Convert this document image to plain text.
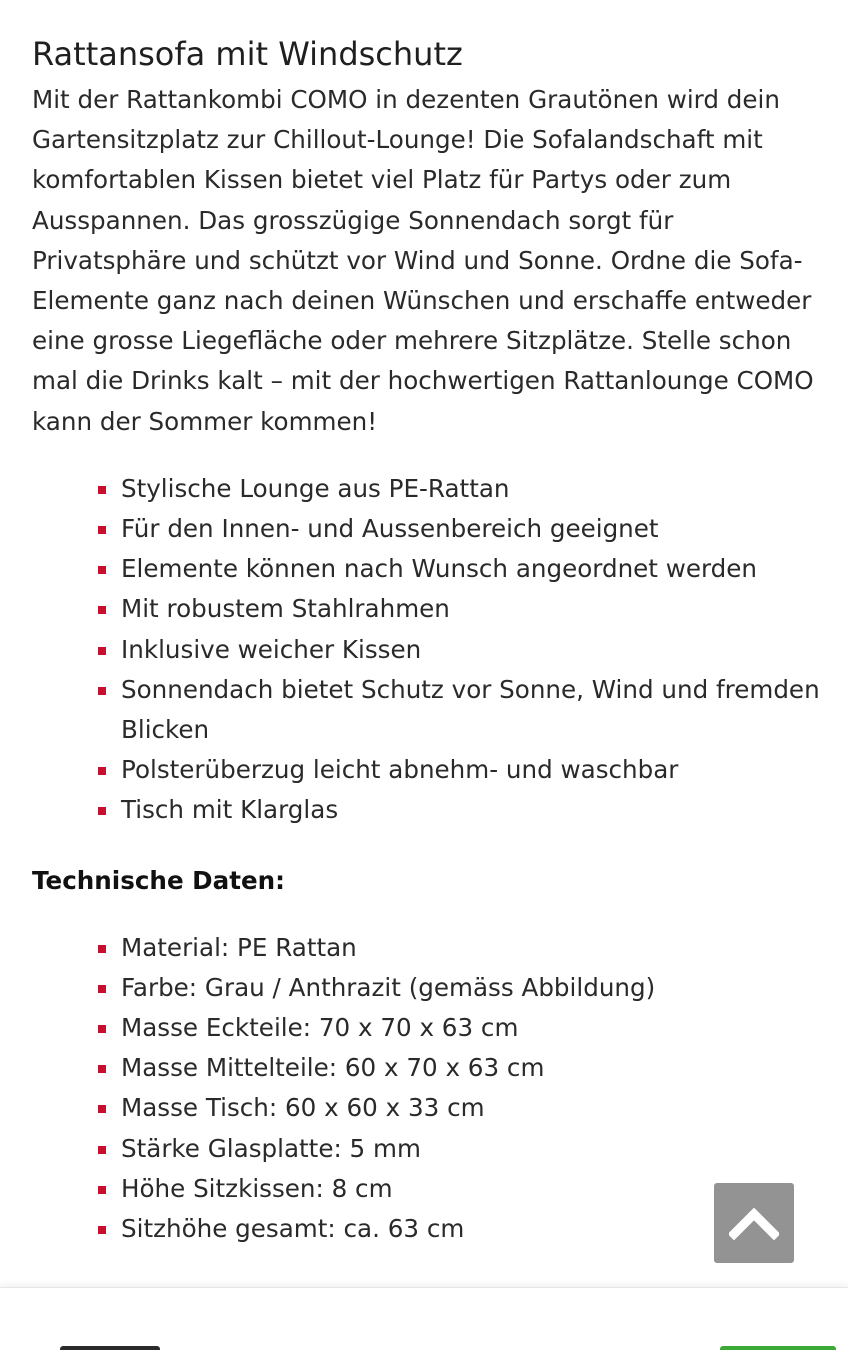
Rattansofa mit Windschutz

Mit der Rattankombi COMO in dezenten Grautönen wird dein Gartensitzplatz zur Chillout-Lounge! Die Sofalandschaft mit komfortablen Kissen bietet viel Platz für Partys oder zum Ausspannen. Das grosszügige Sonnendach sorgt für Privatsphäre und schützt vor Wind und Sonne. Ordne die Sofa-Elemente ganz nach deinen Wünschen und erschaffe entweder eine grosse Liegefläche oder mehrere Sitzplätze. Stelle schon mal die Drinks kalt – mit der hochwertigen Rattanlounge COMO kann der Sommer kommen!

Stylische Lounge aus PE-Rattan
Für den Innen- und Aussenbereich geeignet
Elemente können nach Wunsch angeordnet werden
Mit robustem Stahlrahmen
Inklusive weicher Kissen
Sonnendach bietet Schutz vor Sonne, Wind und fremden Blicken
Polsterüberzug leicht abnehm- und waschbar
Tisch mit Klarglas
Technische Daten:
Material: PE Rattan
Farbe: Grau / Anthrazit (gemäss Abbildung)
Masse Eckteile: 70 x 70 x 63 cm
Masse Mittelteile: 60 x 70 x 63 cm
Masse Tisch: 60 x 60 x 33 cm
Stärke Glasplatte: 5 mm
Höhe Sitzkissen: 8 cm
Sitzhöhe gesamt: ca. 63 cm
